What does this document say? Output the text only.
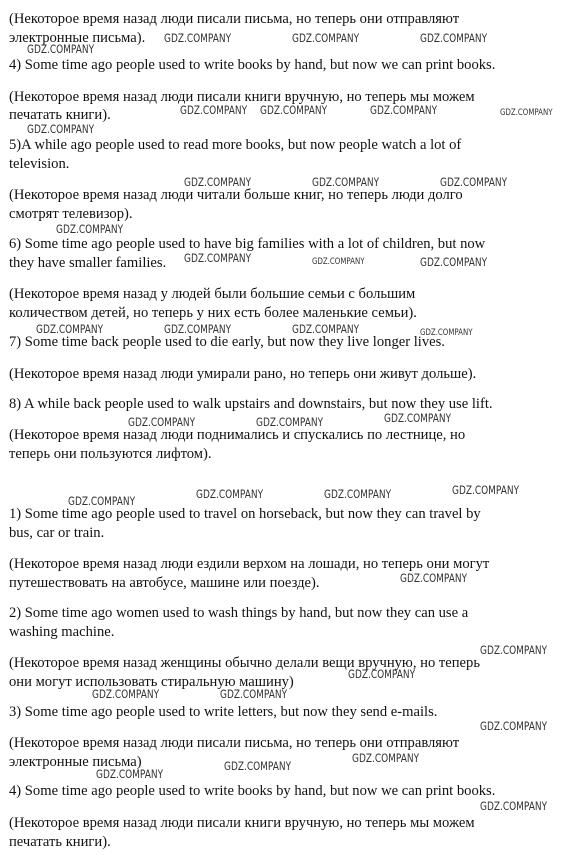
(Некоторое время назад люди писали письма, но теперь они отправляют
электронные письма).
4) Some time ago people used to write books by hand, but now we can print books.
(Некоторое время назад люди писали книги вручную, но теперь мы можем
печатать книги).
5)A while ago people used to read more books, but now people watch a lot of
television.
(Некоторое время назад люди читали больше книг, но теперь люди долго
смотрят телевизор).
6) Some time ago people used to have big families with a lot of children, but now
they have smaller families.
(Некоторое время назад у людей были большие семьи с большим
количеством детей, но теперь у них есть более маленькие семьи).
7) Some time back people used to die early, but now they live longer lives.
(Некоторое время назад люди умирали рано, но теперь они живут дольше).
8) A while back people used to walk upstairs and downstairs, but now they use lift.
(Некоторое время назад люди поднимались и спускались по лестнице, но
теперь они пользуются лифтом).
1) Some time ago people used to travel on horseback, but now they can travel by
bus, car or train.
(Некоторое время назад люди ездили верхом на лошади, но теперь они могут
путешествовать на автобусе, машине или поезде).
2) Some time ago women used to wash things by hand, but now they can use a
washing machine.
(Некоторое время назад женщины обычно делали вещи вручную, но теперь
они могут использовать стиральную машину)
3) Some time ago people used to write letters, but now they send e-mails.
(Некоторое время назад люди писали письма, но теперь они отправляют
электронные письма)
4) Some time ago people used to write books by hand, but now we can print books.
(Некоторое время назад люди писали книги вручную, но теперь мы можем
печатать книги).
GDZ.COMPANY
GDZ.COMPANY	GDZ.COMPANY	GDZ.COMPANY
GDZ.COMPANY GDZ.COMPANY	GDZ.COMPANY	GDZ.COMPANY
GDZ.COMPANY
GDZ.COMPANY	GDZ.COMPANY	GDZ.COMPANY
GDZ.COMPANY
GDZ.COMPANY	GDZ.COMPANY	GDZ.COMPANY
GDZ.COMPANY	GDZ.COMPANY	GDZ.COMPANY	GDZ.COMPANY
GDZ.COMPANY	GDZ.COMPANY	GDZ.COMPANY
GDZ.COMPANY	GDZ.COMPANY	GDZ.COMPANY	GDZ.COMPANY
GDZ.COMPANY
GDZ.COMPANY
GDZ.COMPANY
GDZ.COMPANY	GDZ.COMPANY
GDZ.COMPANY
GDZ.COMPANY
GDZ.COMPANY
GDZ.COMPANY
GDZ.COMPANY
